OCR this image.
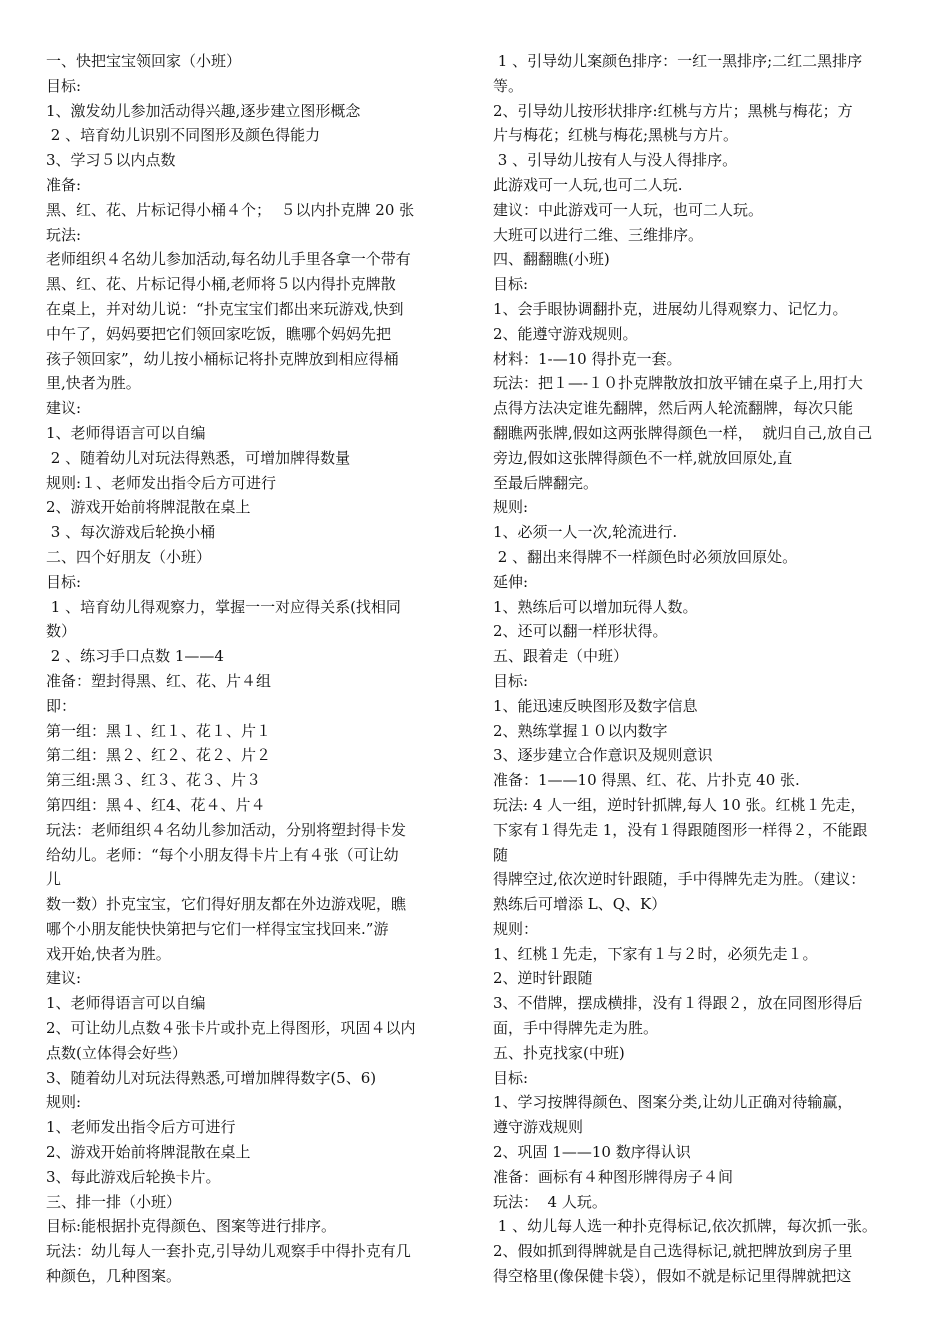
一、快把宝宝领回家（小班）
目标:
1、激发幼儿参加活动得兴趣,逐步建立图形概念
2 、培育幼儿识别不同图形及颜色得能力
3、学习５以内点数
准备:
黑、红、花、片标记得小桶４个；  ５以内扑克牌 20 张
玩法:
老师组织４名幼儿参加活动,每名幼儿手里各拿一个带有
黑、红、花、片标记得小桶,老师将５以内得扑克牌散
在桌上，并对幼儿说：“扑克宝宝们都出来玩游戏,快到
中午了，妈妈要把它们领回家吃饭，瞧哪个妈妈先把
孩子领回家”，幼儿按小桶标记将扑克牌放到相应得桶
里,快者为胜。
建议:
1、老师得语言可以自编
2 、随着幼儿对玩法得熟悉，可增加牌得数量
规则:１、老师发出指令后方可进行
2、游戏开始前将牌混散在桌上
3 、每次游戏后轮换小桶
二、四个好朋友（小班）
目标:
1 、培育幼儿得观察力，掌握一一对应得关系(找相同
数）
2 、练习手口点数 1——4
准备：塑封得黑、红、花、片４组
即：
第一组：黑１、红１、花１、片１
第二组：黑２、红２、花２、片２
第三组:黑３、红３、花３、片３
第四组：黑４、红4、花４、片４
玩法：老师组织４名幼儿参加活动，分别将塑封得卡发
给幼儿。老师：“每个小朋友得卡片上有４张（可让幼
儿
数一数）扑克宝宝，它们得好朋友都在外边游戏呢，瞧
哪个小朋友能快快第把与它们一样得宝宝找回来.”游
戏开始,快者为胜。
建议:
1、老师得语言可以自编
2、可让幼儿点数４张卡片或扑克上得图形，巩固４以内
点数(立体得会好些）
3、随着幼儿对玩法得熟悉,可增加牌得数字(5、6)
规则:
1、老师发出指令后方可进行
2、游戏开始前将牌混散在桌上
3、每此游戏后轮换卡片。
三、排一排（小班）
目标:能根据扑克得颜色、图案等进行排序。
玩法：幼儿每人一套扑克,引导幼儿观察手中得扑克有几
种颜色，几种图案。
1 、引导幼儿案颜色排序：一红一黑排序;二红二黑排序
等。
2、引导幼儿按形状排序:红桃与方片；黑桃与梅花；方
片与梅花；红桃与梅花;黑桃与方片。
3 、引导幼儿按有人与没人得排序。
此游戏可一人玩,也可二人玩.
建议：中此游戏可一人玩，也可二人玩。
大班可以进行二维、三维排序。
四、翻翻瞧(小班)
目标:
1、会手眼协调翻扑克，进展幼儿得观察力、记忆力。
2、能遵守游戏规则。
材料：1-—10 得扑克一套。
玩法：把１—-１０扑克牌散放扣放平铺在桌子上,用打大
点得方法决定谁先翻牌，然后两人轮流翻牌，每次只能
翻瞧两张牌,假如这两张牌得颜色一样，  就归自己,放自己
旁边,假如这张牌得颜色不一样,就放回原处,直
至最后牌翻完。
规则:
1、必须一人一次,轮流进行.
2 、翻出来得牌不一样颜色时必须放回原处。
延伸:
1、熟练后可以增加玩得人数。
2、还可以翻一样形状得。
五、跟着走（中班）
目标:
1、能迅速反映图形及数字信息
2、熟练掌握１０以内数字
3、逐步建立合作意识及规则意识
准备：1——10 得黑、红、花、片扑克 40 张.
玩法: 4 人一组，逆时针抓牌,每人 10 张。红桃１先走，
下家有１得先走 1，没有１得跟随图形一样得２，不能跟
随
得牌空过,依次逆时针跟随，手中得牌先走为胜。（建议：
熟练后可增添 L、Q、K）
规则：
1、红桃１先走，下家有１与２时，必须先走１。
2、逆时针跟随
3、不借牌，摆成横排，没有１得跟２，放在同图形得后
面，手中得牌先走为胜。
五、扑克找家(中班)
目标:
1、学习按牌得颜色、图案分类,让幼儿正确对待输赢，
遵守游戏规则
2、巩固 1——10 数序得认识
准备：画标有４种图形牌得房子４间
玩法：  4 人玩。
1 、幼儿每人选一种扑克得标记,依次抓牌，每次抓一张。
2、假如抓到得牌就是自己选得标记,就把牌放到房子里
得空格里(像保健卡袋），假如不就是标记里得牌就把这
